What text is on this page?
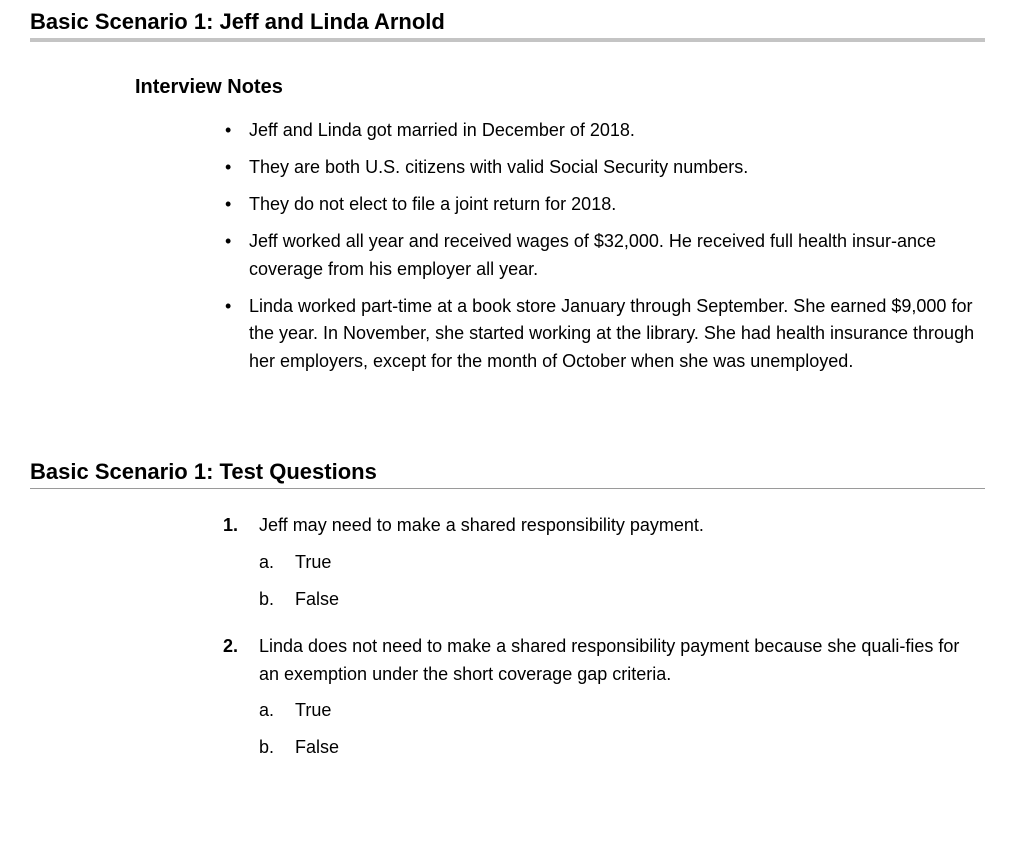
Basic Scenario 1: Jeff and Linda Arnold
Interview Notes
• Jeff and Linda got married in December of 2018.
• They are both U.S. citizens with valid Social Security numbers.
• They do not elect to file a joint return for 2018.
• Jeff worked all year and received wages of $32,000. He received full health insur-ance coverage from his employer all year.
• Linda worked part-time at a book store January through September. She earned $9,000 for the year. In November, she started working at the library. She had health insurance through her employers, except for the month of October when she was unemployed.
Basic Scenario 1: Test Questions
1. Jeff may need to make a shared responsibility payment.
a. True
b. False
2. Linda does not need to make a shared responsibility payment because she quali-fies for an exemption under the short coverage gap criteria.
a. True
b. False
